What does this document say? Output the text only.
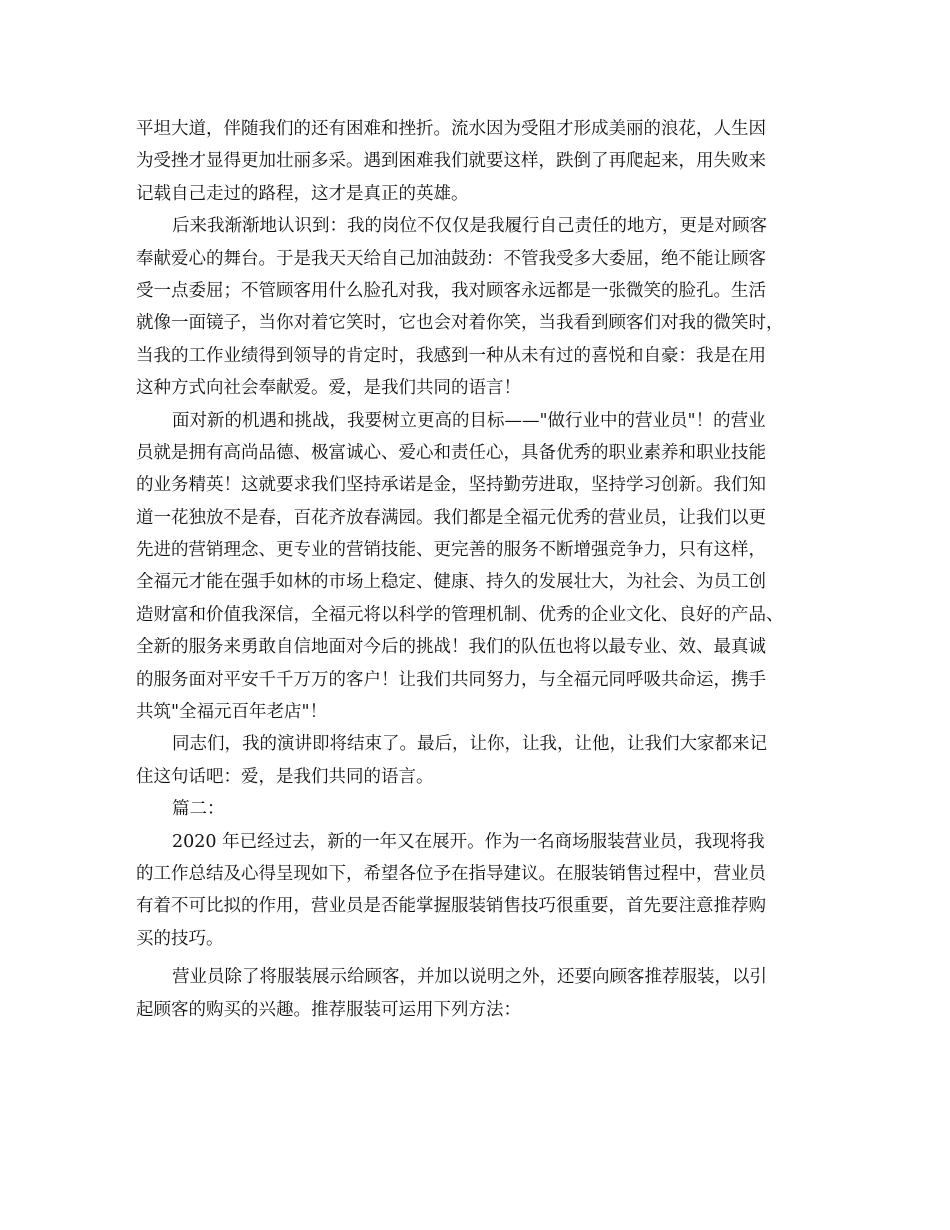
平坦大道，伴随我们的还有困难和挫折。流水因为受阻才形成美丽的浪花，人生因
为受挫才显得更加壮丽多采。遇到困难我们就要这样，跌倒了再爬起来，用失败来
记载自己走过的路程，这才是真正的英雄。

后来我渐渐地认识到：我的岗位不仅仅是我履行自己责任的地方，更是对顾客
奉献爱心的舞台。于是我天天给自己加油鼓劲：不管我受多大委屈，绝不能让顾客
受一点委屈；不管顾客用什么脸孔对我，我对顾客永远都是一张微笑的脸孔。生活
就像一面镜子，当你对着它笑时，它也会对着你笑，当我看到顾客们对我的微笑时，
当我的工作业绩得到领导的肯定时，我感到一种从未有过的喜悦和自豪：我是在用
这种方式向社会奉献爱。爱，是我们共同的语言！

面对新的机遇和挑战，我要树立更高的目标——"做行业中的营业员"！的营业
员就是拥有高尚品德、极富诚心、爱心和责任心，具备优秀的职业素养和职业技能
的业务精英！这就要求我们坚持承诺是金，坚持勤劳进取，坚持学习创新。我们知
道一花独放不是春，百花齐放春满园。我们都是全福元优秀的营业员，让我们以更
先进的营销理念、更专业的营销技能、更完善的服务不断增强竞争力，只有这样，
全福元才能在强手如林的市场上稳定、健康、持久的发展壮大，为社会、为员工创
造财富和价值我深信，全福元将以科学的管理机制、优秀的企业文化、良好的产品、
全新的服务来勇敢自信地面对今后的挑战！我们的队伍也将以最专业、效、最真诚
的服务面对平安千千万万的客户！让我们共同努力，与全福元同呼吸共命运，携手
共筑"全福元百年老店"！

同志们，我的演讲即将结束了。最后，让你，让我，让他，让我们大家都来记
住这句话吧：爱，是我们共同的语言。

篇二：

2020 年已经过去，新的一年又在展开。作为一名商场服装营业员，我现将我
的工作总结及心得呈现如下，希望各位予在指导建议。在服装销售过程中，营业员
有着不可比拟的作用，营业员是否能掌握服装销售技巧很重要，首先要注意推荐购
买的技巧。

营业员除了将服装展示给顾客，并加以说明之外，还要向顾客推荐服装，以引
起顾客的购买的兴趣。推荐服装可运用下列方法：
